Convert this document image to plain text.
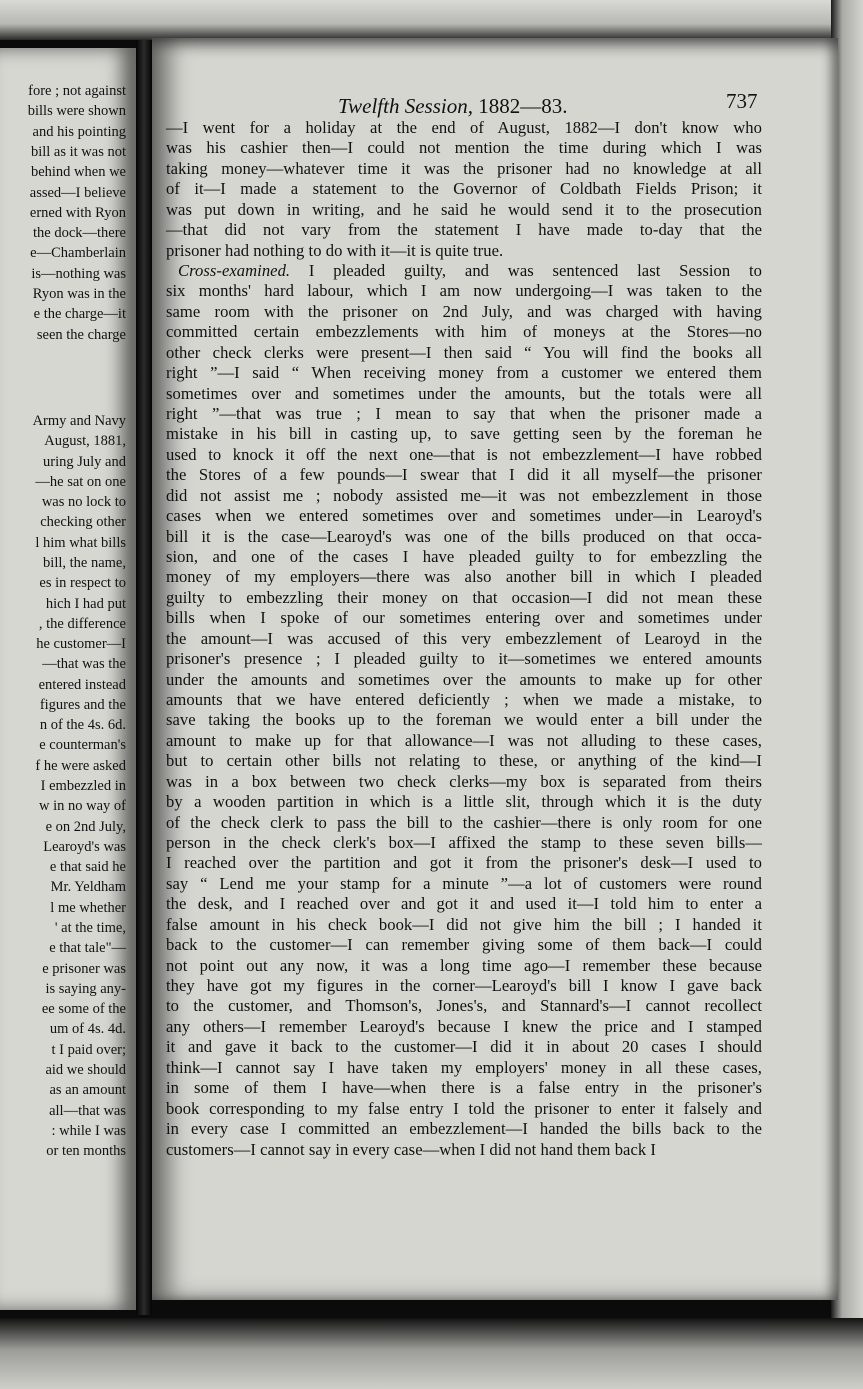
fore ; not against
bills were shown
and his pointing
bill as it was not
behind when we
assed—I believe
erned with Ryon
the dock—there
e—Chamberlain
is—nothing was
Ryon was in the
e the charge—it
seen the charge
Army and Navy
August, 1881,
uring July and
—he sat on one
was no lock to
checking other
l him what bills
bill, the name,
es in respect to
hich I had put
, the difference
he customer—I
—that was the
entered instead
figures and the
n of the 4s. 6d.
e counterman's
f he were asked
I embezzled in
w in no way of
e on 2nd July,
Learoyd's was
e that said he
Mr. Yeldham
l me whether
' at the time,
e that tale"—
e prisoner was
is saying any-
ee some of the
um of 4s. 4d.
t I paid over;
aid we should
as an amount
all—that was
: while I was
or ten months
Twelfth Session, 1882—83.	737
—I went for a holiday at the end of August, 1882—I don't know who
was his cashier then—I could not mention the time during which I was
taking money—whatever time it was the prisoner had no knowledge at all
of it—I made a statement to the Governor of Coldbath Fields Prison; it
was put down in writing, and he said he would send it to the prosecution
—that did not vary from the statement I have made to-day that the
prisoner had nothing to do with it—it is quite true.
Cross-examined. I pleaded guilty, and was sentenced last Session to
six months' hard labour, which I am now undergoing—I was taken to the
same room with the prisoner on 2nd July, and was charged with having
committed certain embezzlements with him of moneys at the Stores—no
other check clerks were present—I then said “ You will find the books all
right ”—I said “ When receiving money from a customer we entered them
sometimes over and sometimes under the amounts, but the totals were all
right ”—that was true ; I mean to say that when the prisoner made a
mistake in his bill in casting up, to save getting seen by the foreman he
used to knock it off the next one—that is not embezzlement—I have robbed
the Stores of a few pounds—I swear that I did it all myself—the prisoner
did not assist me ; nobody assisted me—it was not embezzlement in those
cases when we entered sometimes over and sometimes under—in Learoyd's
bill it is the case—Learoyd's was one of the bills produced on that occa-
sion, and one of the cases I have pleaded guilty to for embezzling the
money of my employers—there was also another bill in which I pleaded
guilty to embezzling their money on that occasion—I did not mean these
bills when I spoke of our sometimes entering over and sometimes under
the amount—I was accused of this very embezzlement of Learoyd in the
prisoner's presence ; I pleaded guilty to it—sometimes we entered amounts
under the amounts and sometimes over the amounts to make up for other
amounts that we have entered deficiently ; when we made a mistake, to
save taking the books up to the foreman we would enter a bill under the
amount to make up for that allowance—I was not alluding to these cases,
but to certain other bills not relating to these, or anything of the kind—I
was in a box between two check clerks—my box is separated from theirs
by a wooden partition in which is a little slit, through which it is the duty
of the check clerk to pass the bill to the cashier—there is only room for one
person in the check clerk's box—I affixed the stamp to these seven bills—
I reached over the partition and got it from the prisoner's desk—I used to
say “ Lend me your stamp for a minute ”—a lot of customers were round
the desk, and I reached over and got it and used it—I told him to enter a
false amount in his check book—I did not give him the bill ; I handed it
back to the customer—I can remember giving some of them back—I could
not point out any now, it was a long time ago—I remember these because
they have got my figures in the corner—Learoyd's bill I know I gave back
to the customer, and Thomson's, Jones's, and Stannard's—I cannot recollect
any others—I remember Learoyd's because I knew the price and I stamped
it and gave it back to the customer—I did it in about 20 cases I should
think—I cannot say I have taken my employers' money in all these cases,
in some of them I have—when there is a false entry in the prisoner's
book corresponding to my false entry I told the prisoner to enter it falsely and
in every case I committed an embezzlement—I handed the bills back to the
customers—I cannot say in every case—when I did not hand them back I
